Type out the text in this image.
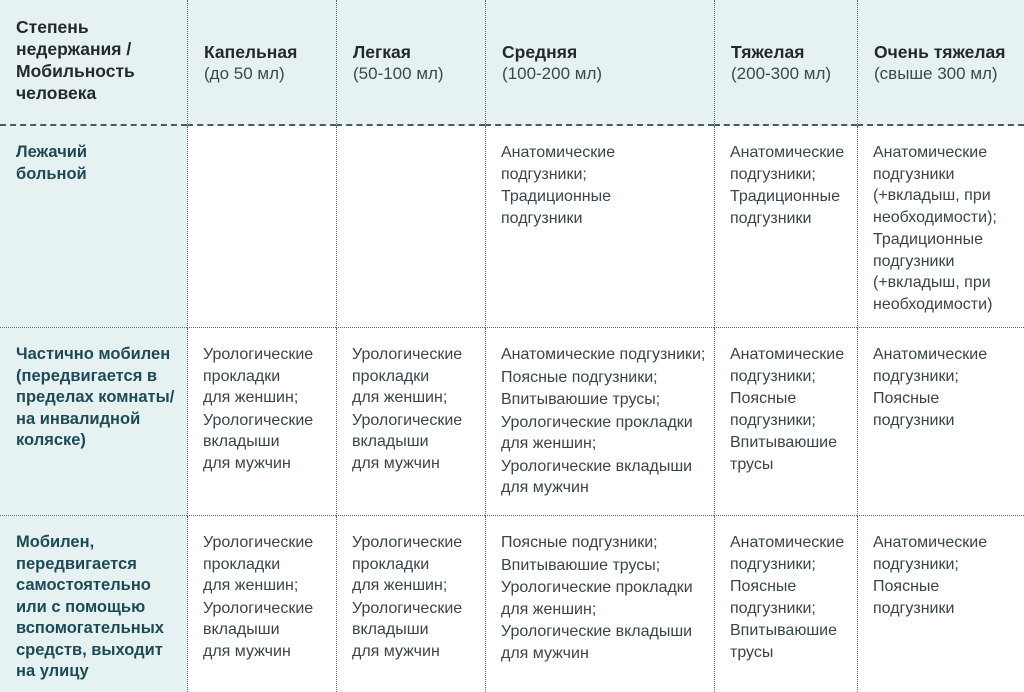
Степень
недержания /
Мобильность
человека
Капельная
(до 50 мл)
Легкая
(50-100 мл)
Средняя
(100-200 мл)
Тяжелая
(200-300 мл)
Очень тяжелая
(свыше 300 мл)
Лежачий
больной
Анатомические
подгузники;
Традиционные
подгузники
Анатомические
подгузники;
Традиционные
подгузники
Анатомические
подгузники
(+вкладыш, при
необходимости);
Традиционные
подгузники
(+вкладыш, при
необходимости)
Частично мобилен
(передвигается в
пределах комнаты/
на инвалидной
коляске)
Урологические
прокладки
для женшин;
Урологические
вкладыши
для мужчин
Урологические
прокладки
для женшин;
Урологические
вкладыши
для мужчин
Анатомические подгузники;
Поясные подгузники;
Впитываюшие трусы;
Урологические прокладки
для женшин;
Урологические вкладыши
для мужчин
Анатомические
подгузники;
Поясные
подгузники;
Впитываюшие
трусы
Анатомические
подгузники;
Поясные
подгузники
Мобилен,
передвигается
самостоятельно
или с помощью
вспомогательных
средств, выходит
на улицу
Урологические
прокладки
для женшин;
Урологические
вкладыши
для мужчин
Урологические
прокладки
для женшин;
Урологические
вкладыши
для мужчин
Поясные подгузники;
Впитываюшие трусы;
Урологические прокладки
для женшин;
Урологические вкладыши
для мужчин
Анатомические
подгузники;
Поясные
подгузники;
Впитываюшие
трусы
Анатомические
подгузники;
Поясные
подгузники
